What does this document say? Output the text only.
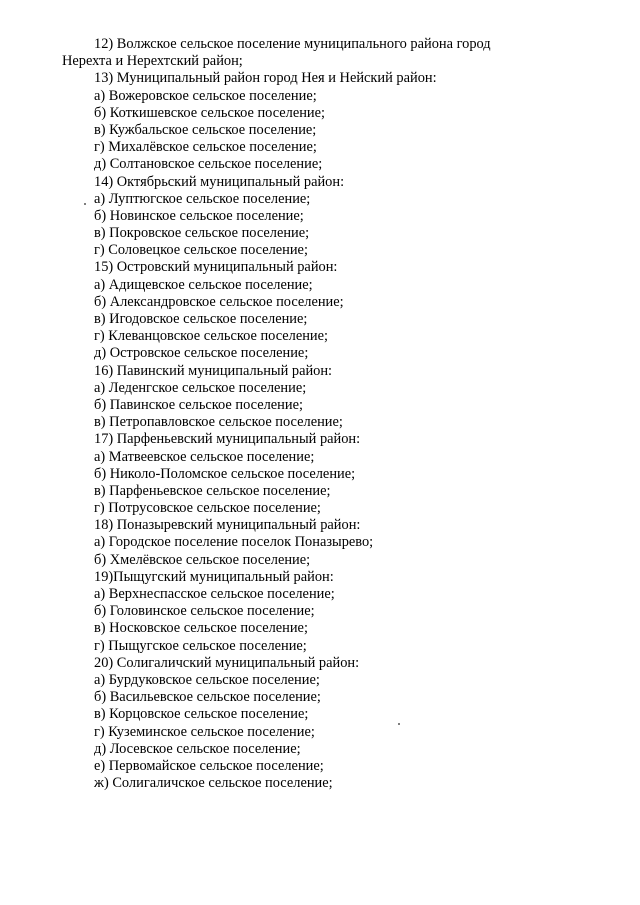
12) Волжское сельское поселение муниципального района город
Нерехта и Нерехтский район;
13) Муниципальный район город Нея и Нейский район:
а) Вожеровское сельское поселение;
б) Коткишевское сельское поселение;
в) Кужбальское сельское поселение;
г) Михалёвское сельское поселение;
д) Солтановское сельское поселение;
14) Октябрьский муниципальный район:
а) Луптюгское сельское поселение;
б) Новинское сельское поселение;
в) Покровское сельское поселение;
г) Соловецкое сельское поселение;
15) Островский муниципальный район:
а) Адищевское сельское поселение;
б) Александровское сельское поселение;
в) Игодовское сельское поселение;
г) Клеванцовское сельское поселение;
д) Островское сельское поселение;
16) Павинский муниципальный район:
а) Леденгское сельское поселение;
б) Павинское сельское поселение;
в) Петропавловское сельское поселение;
17) Парфеньевский муниципальный район:
а) Матвеевское сельское поселение;
б) Николо-Поломское сельское поселение;
в) Парфеньевское сельское поселение;
г) Потрусовское сельское поселение;
18) Поназыревский муниципальный район:
а) Городское поселение поселок Поназырево;
б) Хмелёвское сельское поселение;
19)Пыщугский муниципальный район:
а) Верхнеспасское сельское поселение;
б) Головинское сельское поселение;
в) Носковское сельское поселение;
г) Пыщугское сельское поселение;
20) Солигаличский муниципальный район:
а) Бурдуковское сельское поселение;
б) Васильевское сельское поселение;
в) Корцовское сельское поселение;
г) Куземинское сельское поселение;
д) Лосевское сельское поселение;
е) Первомайское сельское поселение;
ж) Солигаличское сельское поселение;
